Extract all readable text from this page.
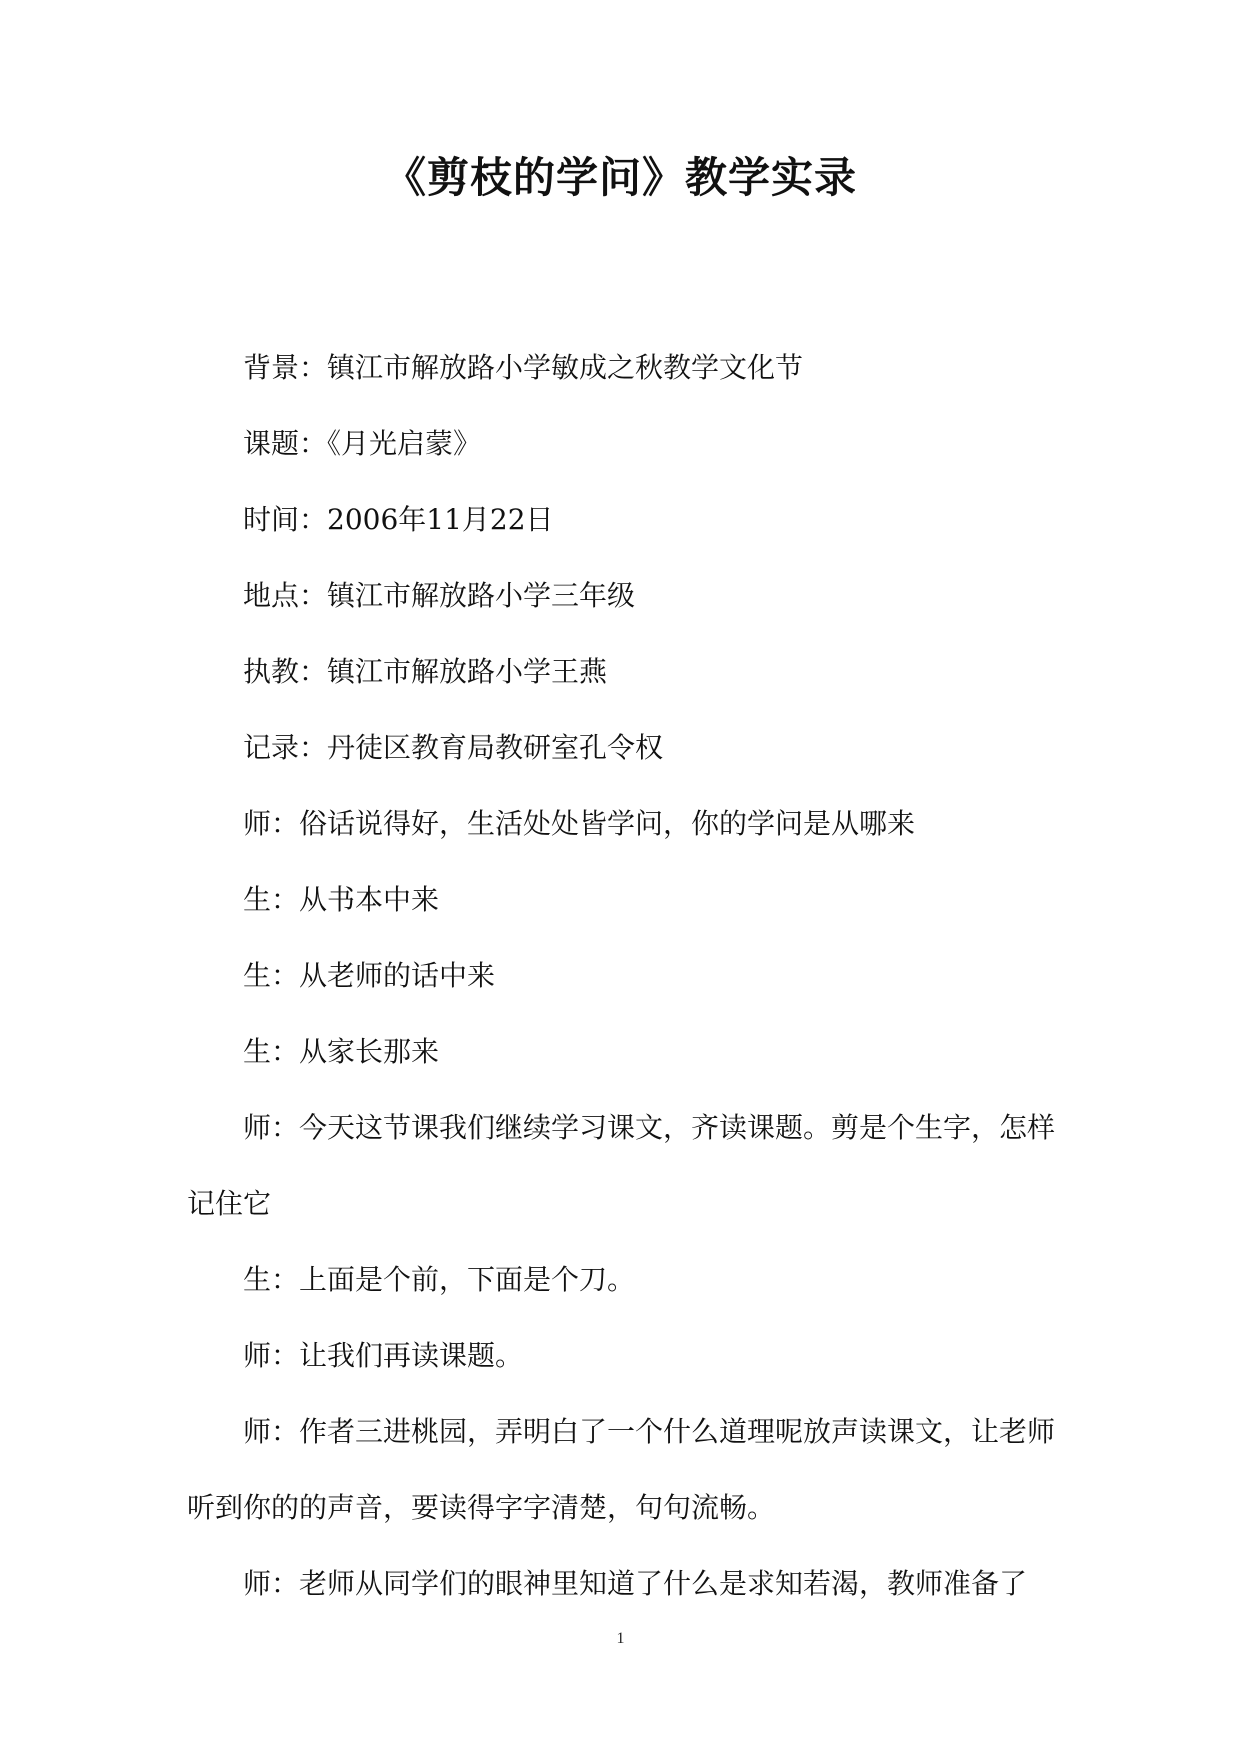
《剪枝的学问》教学实录

背景：镇江市解放路小学敏成之秋教学文化节

课题：《月光启蒙》

时间：2006年11月22日

地点：镇江市解放路小学三年级

执教：镇江市解放路小学王燕

记录：丹徒区教育局教研室孔令权

师：俗话说得好，生活处处皆学问，你的学问是从哪来

生：从书本中来

生：从老师的话中来

生：从家长那来

师：今天这节课我们继续学习课文，齐读课题。剪是个生字，怎样记住它

生：上面是个前，下面是个刀。

师：让我们再读课题。

师：作者三进桃园，弄明白了一个什么道理呢放声读课文，让老师听到你的的声音，要读得字字清楚，句句流畅。

师：老师从同学们的眼神里知道了什么是求知若渴，教师准备了

1
